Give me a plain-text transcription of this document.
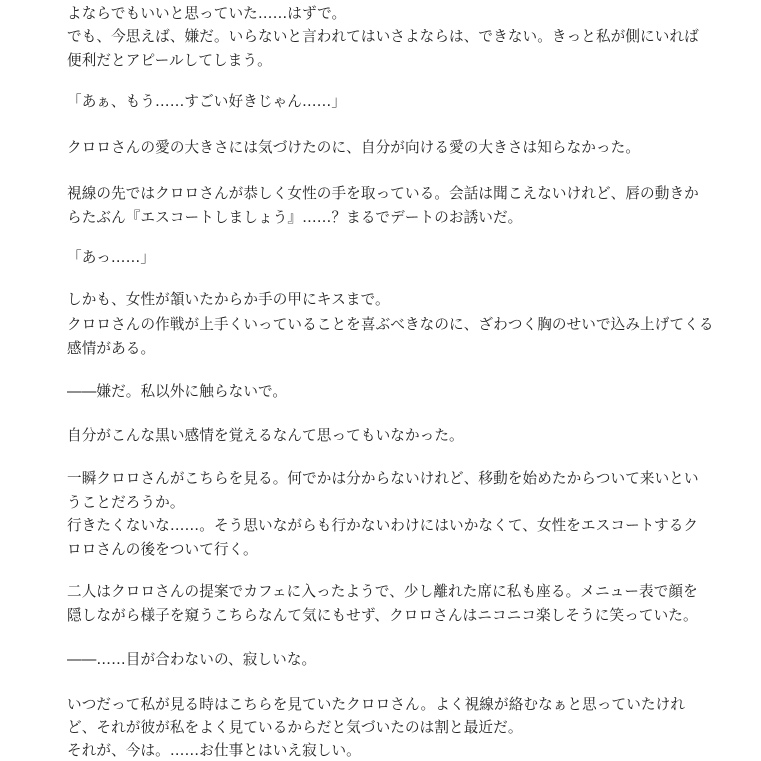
よならでもいいと思っていた……はずで。
でも、今思えば、嫌だ。いらないと言われてはいさよならは、できない。きっと私が側にいれば
便利だとアピールしてしまう。
「あぁ、もう……すごい好きじゃん……」
クロロさんの愛の大きさには気づけたのに、自分が向ける愛の大きさは知らなかった。
視線の先ではクロロさんが恭しく女性の手を取っている。会話は聞こえないけれど、唇の動きか
らたぶん『エスコートしましょう』……？まるでデートのお誘いだ。
「あっ……」
しかも、女性が頷いたからか手の甲にキスまで。
クロロさんの作戦が上手くいっていることを喜ぶべきなのに、ざわつく胸のせいで込み上げてくる
感情がある。
――嫌だ。私以外に触らないで。
自分がこんな黒い感情を覚えるなんて思ってもいなかった。
一瞬クロロさんがこちらを見る。何でかは分からないけれど、移動を始めたからついて来いとい
うことだろうか。
行きたくないな……。そう思いながらも行かないわけにはいかなくて、女性をエスコートするク
ロロさんの後をついて行く。
二人はクロロさんの提案でカフェに入ったようで、少し離れた席に私も座る。メニュー表で顔を
隠しながら様子を窺うこちらなんて気にもせず、クロロさんはニコニコ楽しそうに笑っていた。
――……目が合わないの、寂しいな。
いつだって私が見る時はこちらを見ていたクロロさん。よく視線が絡むなぁと思っていたけれ
ど、それが彼が私をよく見ているからだと気づいたのは割と最近だ。
それが、今は。……お仕事とはいえ寂しい。
